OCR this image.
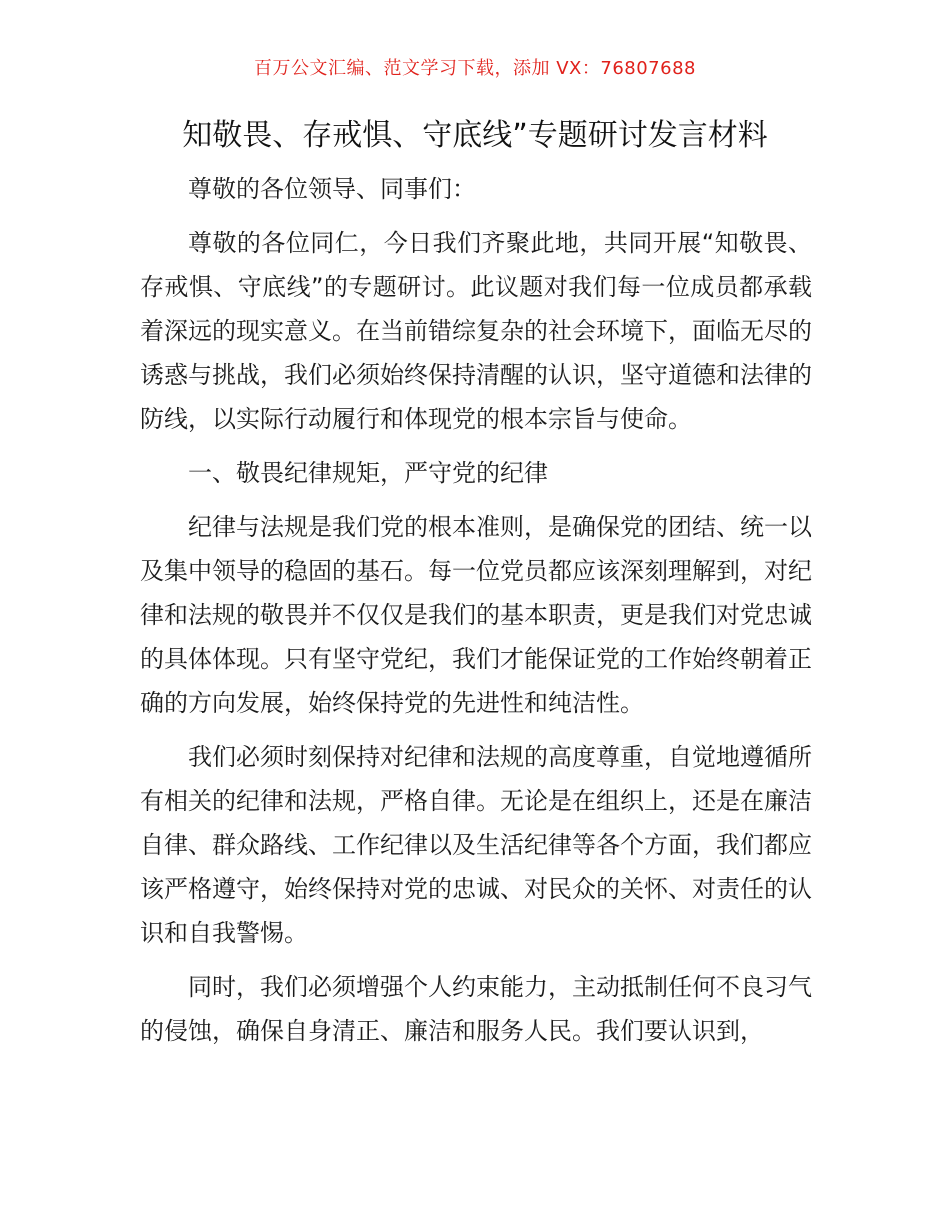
百万公文汇编、范文学习下载，添加 VX：76807688
知敬畏、存戒惧、守底线”专题研讨发言材料

尊敬的各位领导、同事们：

尊敬的各位同仁，今日我们齐聚此地，共同开展“知敬畏、存戒惧、守底线”的专题研讨。此议题对我们每一位成员都承载着深远的现实意义。在当前错综复杂的社会环境下，面临无尽的诱惑与挑战，我们必须始终保持清醒的认识，坚守道德和法律的防线，以实际行动履行和体现党的根本宗旨与使命。

一、敬畏纪律规矩，严守党的纪律

纪律与法规是我们党的根本准则，是确保党的团结、统一以及集中领导的稳固的基石。每一位党员都应该深刻理解到，对纪律和法规的敬畏并不仅仅是我们的基本职责，更是我们对党忠诚的具体体现。只有坚守党纪，我们才能保证党的工作始终朝着正确的方向发展，始终保持党的先进性和纯洁性。

我们必须时刻保持对纪律和法规的高度尊重，自觉地遵循所有相关的纪律和法规，严格自律。无论是在组织上，还是在廉洁自律、群众路线、工作纪律以及生活纪律等各个方面，我们都应该严格遵守，始终保持对党的忠诚、对民众的关怀、对责任的认识和自我警惕。

同时，我们必须增强个人约束能力，主动抵制任何不良习气的侵蚀，确保自身清正、廉洁和服务人民。我们要认识到，
